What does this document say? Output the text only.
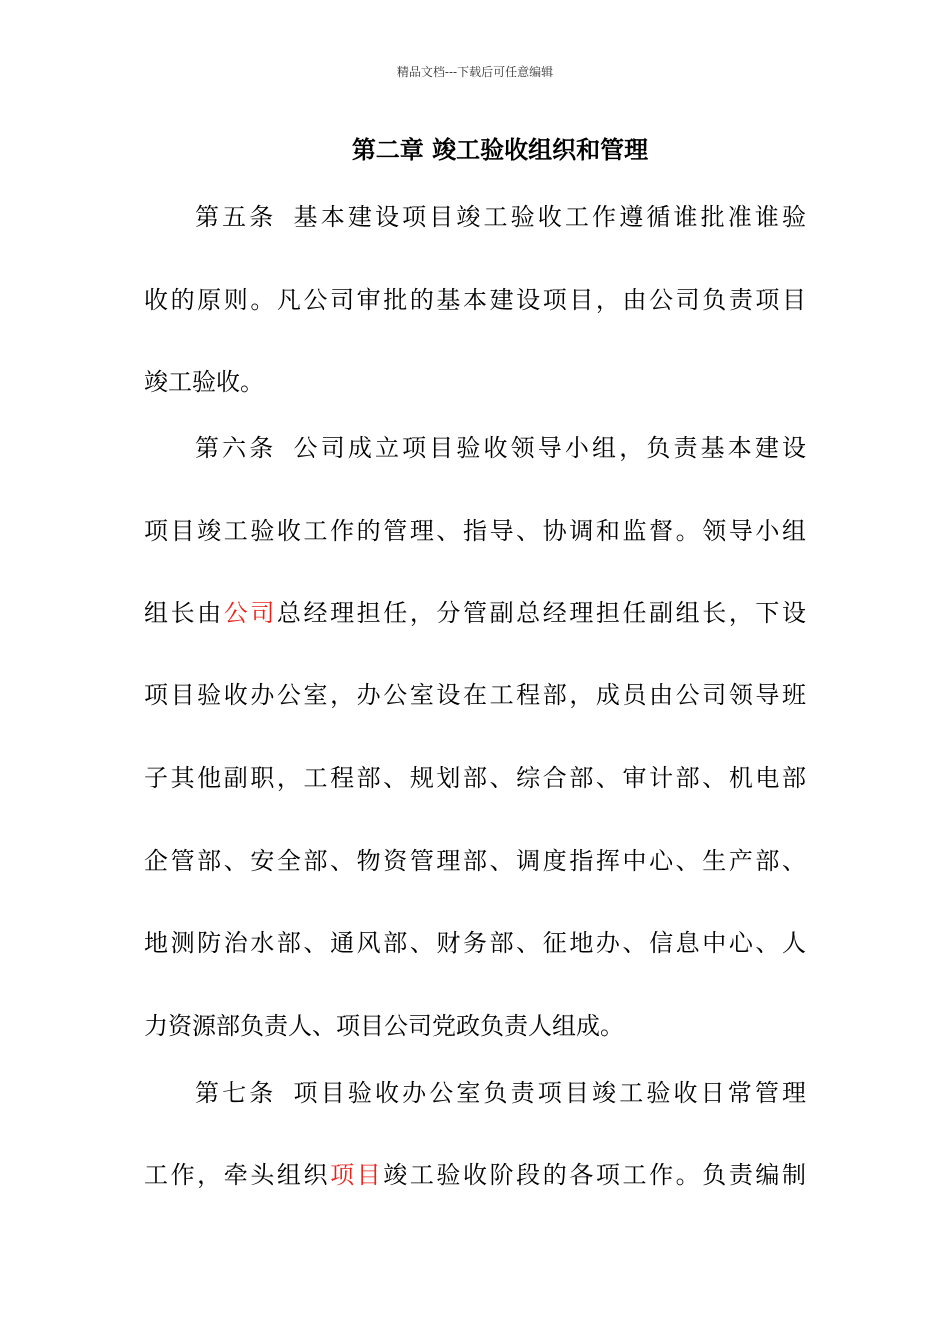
精品文档---下载后可任意编辑
第二章 竣工验收组织和管理
第五条 基本建设项目竣工验收工作遵循谁批准谁验
收的原则。凡公司审批的基本建设项目，由公司负责项目
竣工验收。
第六条 公司成立项目验收领导小组，负责基本建设
项目竣工验收工作的管理、指导、协调和监督。领导小组
组长由公司总经理担任，分管副总经理担任副组长，下设
项目验收办公室，办公室设在工程部，成员由公司领导班
子其他副职，工程部、规划部、综合部、审计部、机电部
企管部、安全部、物资管理部、调度指挥中心、生产部、
地测防治水部、通风部、财务部、征地办、信息中心、人
力资源部负责人、项目公司党政负责人组成。
第七条 项目验收办公室负责项目竣工验收日常管理
工作，牵头组织项目竣工验收阶段的各项工作。负责编制
